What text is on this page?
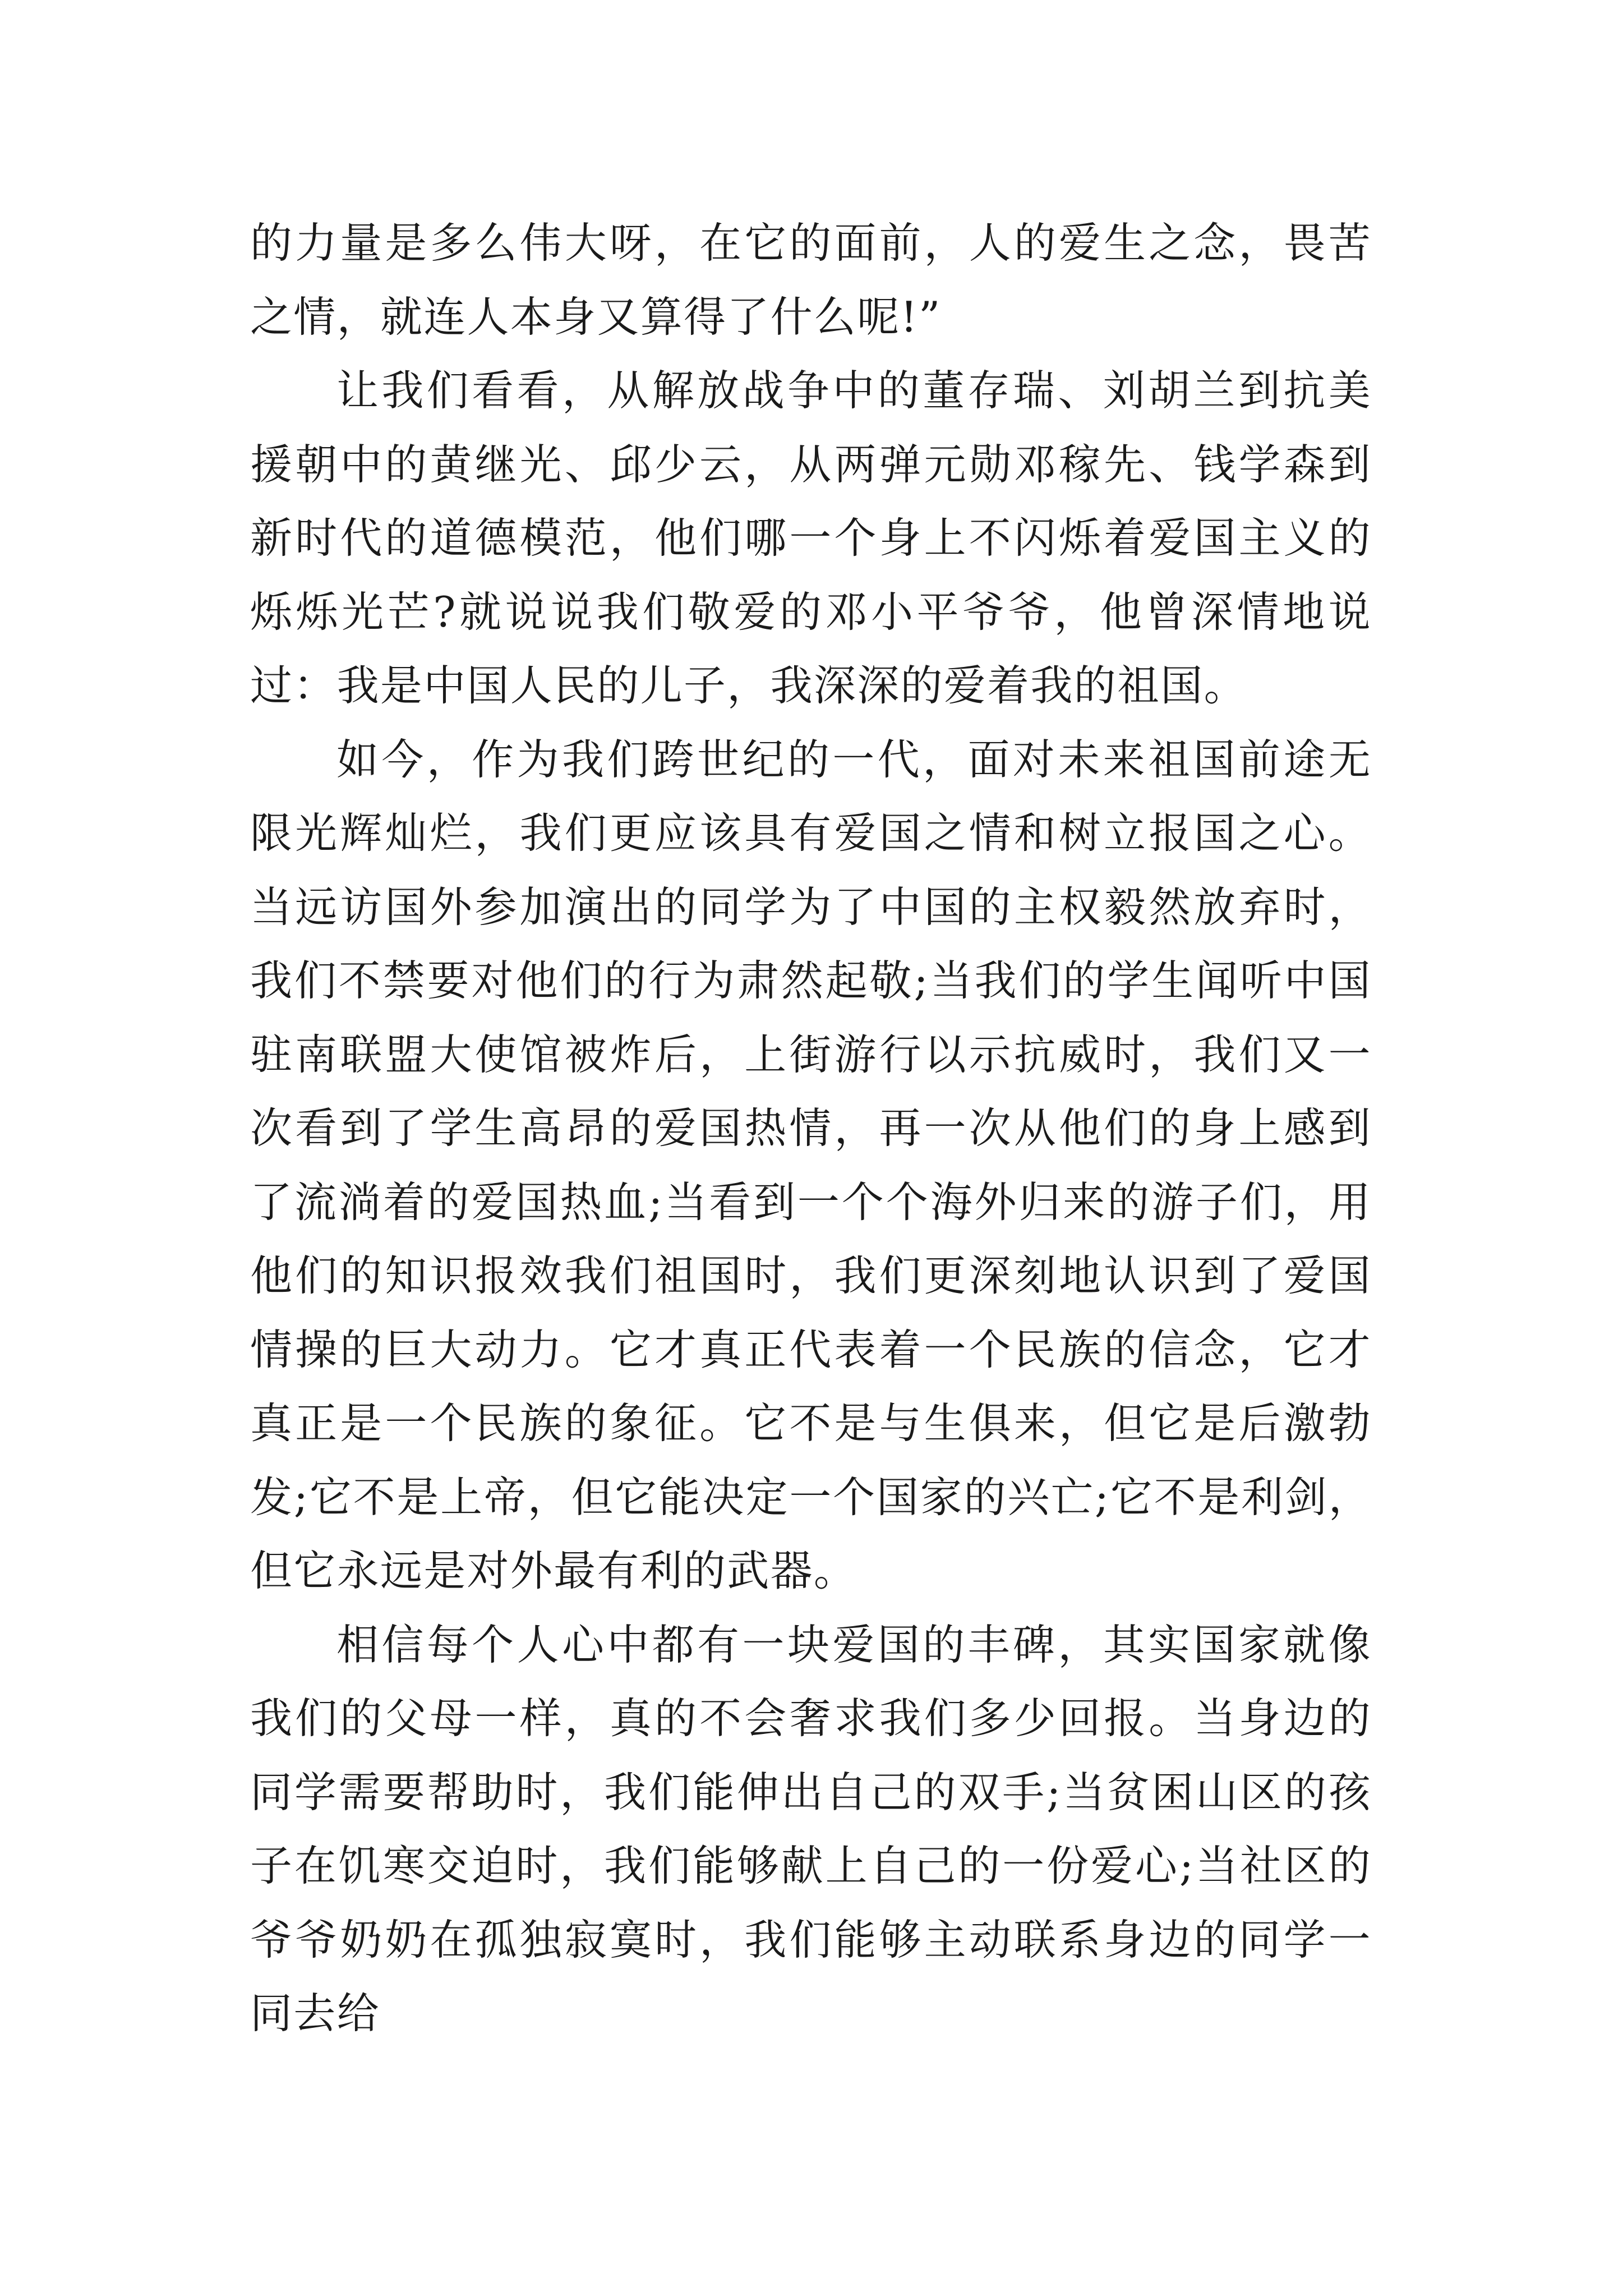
的力量是多么伟大呀，在它的面前，人的爱生之念，畏苦之情，就连人本身又算得了什么呢!”

让我们看看，从解放战争中的董存瑞、刘胡兰到抗美援朝中的黄继光、邱少云，从两弹元勋邓稼先、钱学森到新时代的道德模范，他们哪一个身上不闪烁着爱国主义的烁烁光芒?就说说我们敬爱的邓小平爷爷，他曾深情地说过：我是中国人民的儿子，我深深的爱着我的祖国。

如今，作为我们跨世纪的一代，面对未来祖国前途无限光辉灿烂，我们更应该具有爱国之情和树立报国之心。当远访国外参加演出的同学为了中国的主权毅然放弃时，我们不禁要对他们的行为肃然起敬;当我们的学生闻听中国驻南联盟大使馆被炸后，上街游行以示抗威时，我们又一次看到了学生高昂的爱国热情，再一次从他们的身上感到了流淌着的爱国热血;当看到一个个海外归来的游子们，用他们的知识报效我们祖国时，我们更深刻地认识到了爱国情操的巨大动力。它才真正代表着一个民族的信念，它才真正是一个民族的象征。它不是与生俱来，但它是后激勃发;它不是上帝，但它能决定一个国家的兴亡;它不是利剑，但它永远是对外最有利的武器。

相信每个人心中都有一块爱国的丰碑，其实国家就像我们的父母一样，真的不会奢求我们多少回报。当身边的同学需要帮助时，我们能伸出自己的双手;当贫困山区的孩子在饥寒交迫时，我们能够献上自己的一份爱心;当社区的爷爷奶奶在孤独寂寞时，我们能够主动联系身边的同学一同去给
